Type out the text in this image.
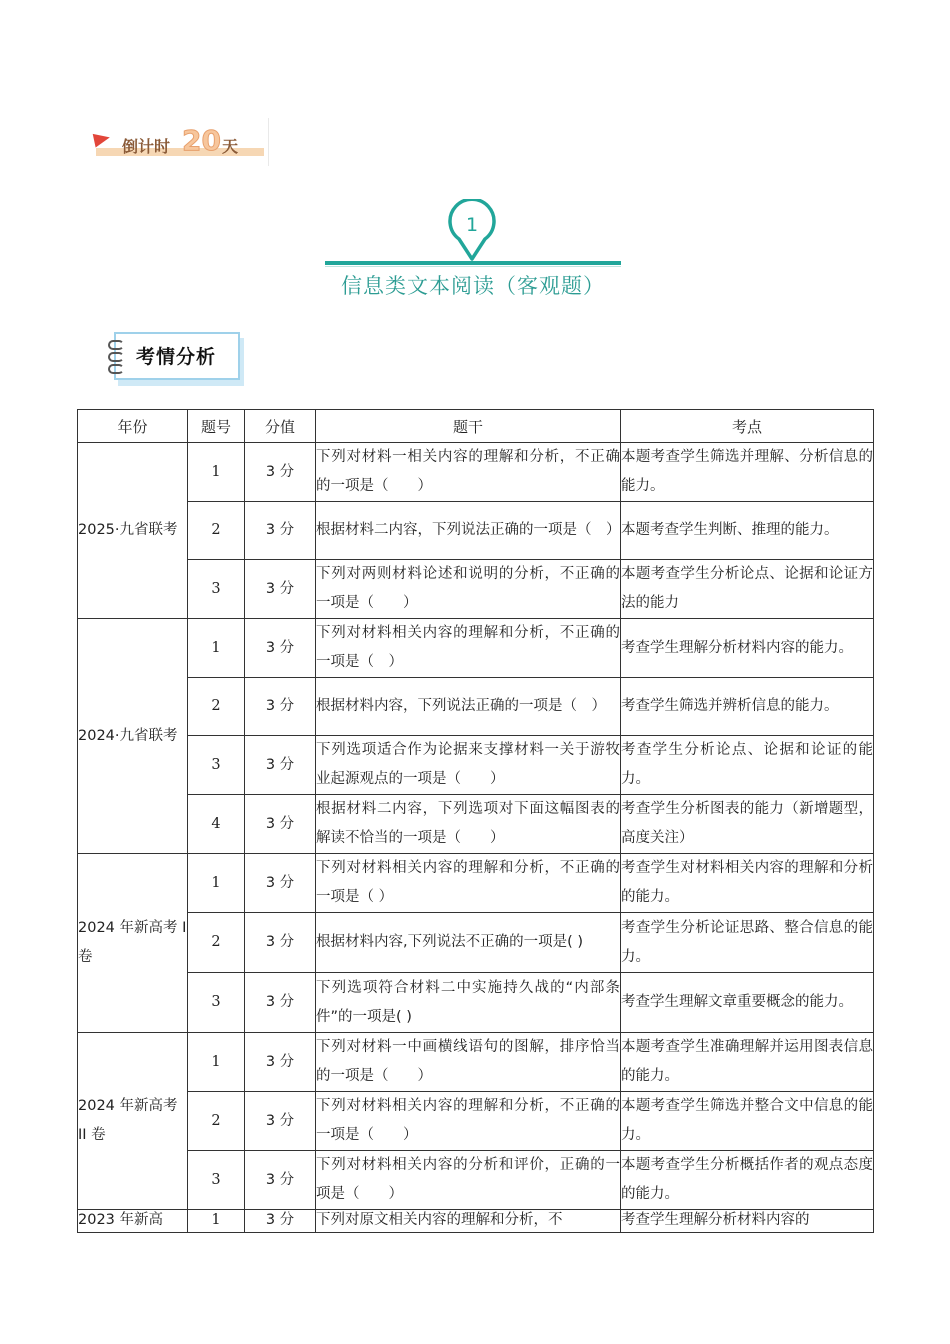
倒计时 20 天
1
信息类文本阅读（客观题）
考情分析
年份	题号	分值	题干	考点
2025·九省联考	1	3 分	下列对材料一相关内容的理解和分析，不正确的一项是（　　）	本题考查学生筛选并理解、分析信息的能力。
	2	3 分	根据材料二内容，下列说法正确的一项是（　）	本题考查学生判断、推理的能力。
	3	3 分	下列对两则材料论述和说明的分析，不正确的一项是（　　）	本题考查学生分析论点、论据和论证方法的能力
2024·九省联考	1	3 分	下列对材料相关内容的理解和分析，不正确的一项是（　）	考查学生理解分析材料内容的能力。
	2	3 分	根据材料内容，下列说法正确的一项是（　）	考查学生筛选并辨析信息的能力。
	3	3 分	下列选项适合作为论据来支撑材料一关于游牧业起源观点的一项是（　　）	考查学生分析论点、论据和论证的能力。
	4	3 分	根据材料二内容，下列选项对下面这幅图表的解读不恰当的一项是（　　）	考查学生分析图表的能力（新增题型，高度关注）
2024 年新高考 I 卷	1	3 分	下列对材料相关内容的理解和分析，不正确的一项是（ ）	考查学生对材料相关内容的理解和分析的能力。
	2	3 分	根据材料内容,下列说法不正确的一项是( )	考查学生分析论证思路、整合信息的能力。
	3	3 分	下列选项符合材料二中实施持久战的“内部条件”的一项是( )	考查学生理解文章重要概念的能力。
2024 年新高考 II 卷	1	3 分	下列对材料一中画横线语句的图解，排序恰当的一项是（　　）	本题考查学生准确理解并运用图表信息的能力。
	2	3 分	下列对材料相关内容的理解和分析，不正确的一项是（　　）	本题考查学生筛选并整合文中信息的能力。
	3	3 分	下列对材料相关内容的分析和评价，正确的一项是（　　）	本题考查学生分析概括作者的观点态度的能力。
2023 年新高	1	3 分	下列对原文相关内容的理解和分析，不	考查学生理解分析材料内容的
